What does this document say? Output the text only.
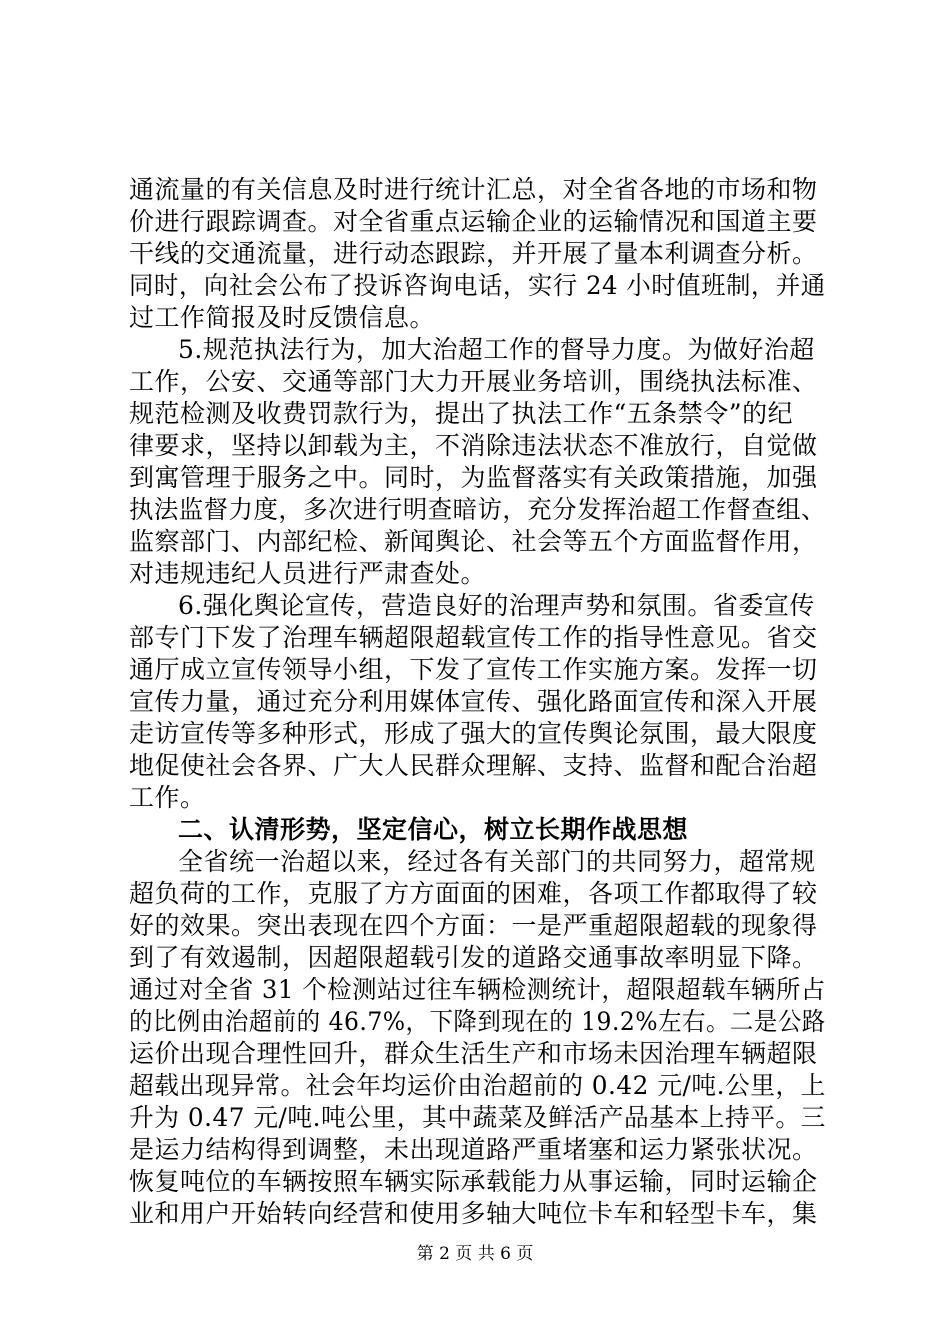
通流量的有关信息及时进行统计汇总，对全省各地的市场和物
价进行跟踪调查。对全省重点运输企业的运输情况和国道主要
干线的交通流量，进行动态跟踪，并开展了量本利调查分析。
同时，向社会公布了投诉咨询电话，实行 24 小时值班制，并通
过工作简报及时反馈信息。
5.规范执法行为，加大治超工作的督导力度。为做好治超
工作，公安、交通等部门大力开展业务培训，围绕执法标准、
规范检测及收费罚款行为，提出了执法工作“五条禁令”的纪
律要求，坚持以卸载为主，不消除违法状态不准放行，自觉做
到寓管理于服务之中。同时，为监督落实有关政策措施，加强
执法监督力度，多次进行明查暗访，充分发挥治超工作督查组、
监察部门、内部纪检、新闻舆论、社会等五个方面监督作用，
对违规违纪人员进行严肃查处。
6.强化舆论宣传，营造良好的治理声势和氛围。省委宣传
部专门下发了治理车辆超限超载宣传工作的指导性意见。省交
通厅成立宣传领导小组，下发了宣传工作实施方案。发挥一切
宣传力量，通过充分利用媒体宣传、强化路面宣传和深入开展
走访宣传等多种形式，形成了强大的宣传舆论氛围，最大限度
地促使社会各界、广大人民群众理解、支持、监督和配合治超
工作。
二、认清形势，坚定信心，树立长期作战思想
全省统一治超以来，经过各有关部门的共同努力，超常规
超负荷的工作，克服了方方面面的困难，各项工作都取得了较
好的效果。突出表现在四个方面：一是严重超限超载的现象得
到了有效遏制，因超限超载引发的道路交通事故率明显下降。
通过对全省 31 个检测站过往车辆检测统计，超限超载车辆所占
的比例由治超前的 46.7%，下降到现在的 19.2%左右。二是公路
运价出现合理性回升，群众生活生产和市场未因治理车辆超限
超载出现异常。社会年均运价由治超前的 0.42 元/吨.公里，上
升为 0.47 元/吨.吨公里，其中蔬菜及鲜活产品基本上持平。三
是运力结构得到调整，未出现道路严重堵塞和运力紧张状况。
恢复吨位的车辆按照车辆实际承载能力从事运输，同时运输企
业和用户开始转向经营和使用多轴大吨位卡车和轻型卡车，集
第 2 页 共 6 页
